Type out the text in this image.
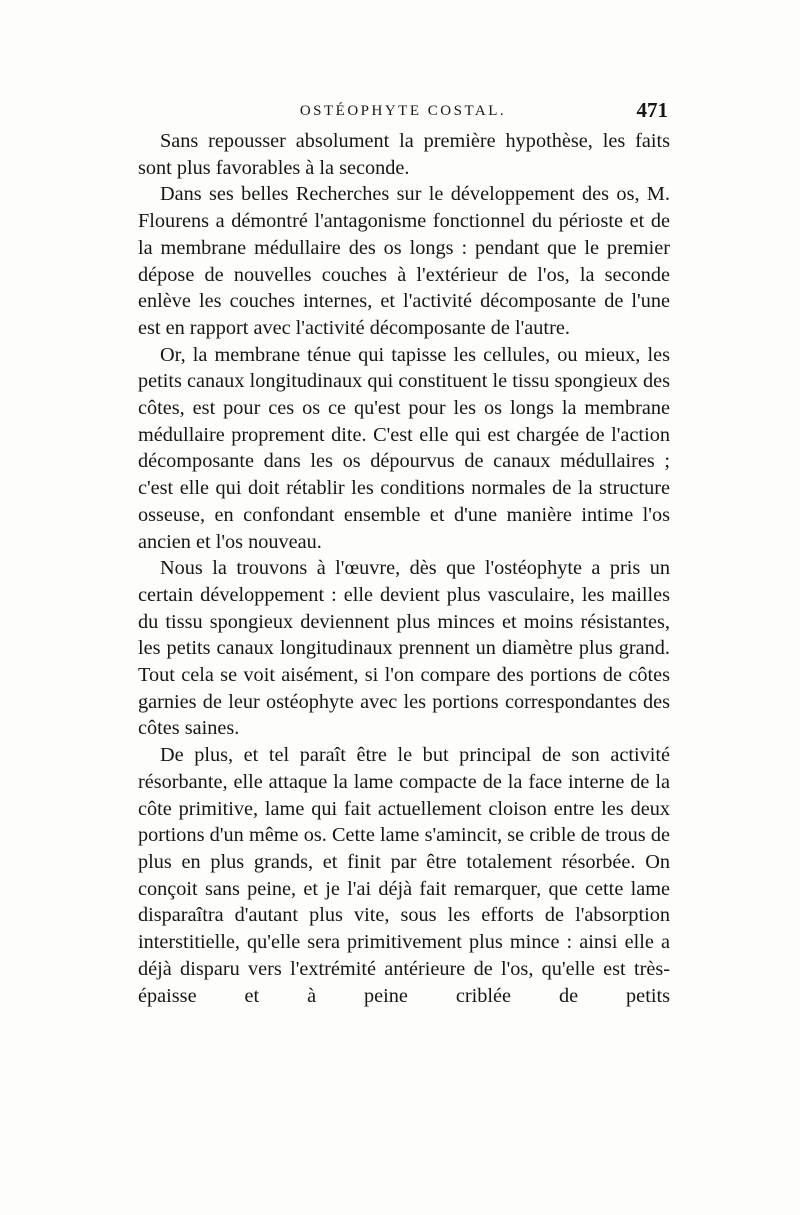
OSTÉOPHYTE COSTAL.	471

Sans repousser absolument la première hypothèse, les faits sont plus favorables à la seconde.

Dans ses belles Recherches sur le développement des os, M. Flourens a démontré l'antagonisme fonctionnel du périoste et de la membrane médullaire des os longs : pendant que le premier dépose de nouvelles couches à l'extérieur de l'os, la seconde enlève les couches internes, et l'activité décomposante de l'une est en rapport avec l'activité décomposante de l'autre.

Or, la membrane ténue qui tapisse les cellules, ou mieux, les petits canaux longitudinaux qui constituent le tissu spongieux des côtes, est pour ces os ce qu'est pour les os longs la membrane médullaire proprement dite. C'est elle qui est chargée de l'action décomposante dans les os dépourvus de canaux médullaires ; c'est elle qui doit rétablir les conditions normales de la structure osseuse, en confondant ensemble et d'une manière intime l'os ancien et l'os nouveau.

Nous la trouvons à l'œuvre, dès que l'ostéophyte a pris un certain développement : elle devient plus vasculaire, les mailles du tissu spongieux deviennent plus minces et moins résistantes, les petits canaux longitudinaux prennent un diamètre plus grand. Tout cela se voit aisément, si l'on compare des portions de côtes garnies de leur ostéophyte avec les portions correspondantes des côtes saines.

De plus, et tel paraît être le but principal de son activité résorbante, elle attaque la lame compacte de la face interne de la côte primitive, lame qui fait actuellement cloison entre les deux portions d'un même os. Cette lame s'amincit, se crible de trous de plus en plus grands, et finit par être totalement résorbée. On conçoit sans peine, et je l'ai déjà fait remarquer, que cette lame disparaîtra d'autant plus vite, sous les efforts de l'absorption interstitielle, qu'elle sera primitivement plus mince : ainsi elle a déjà disparu vers l'extrémité antérieure de l'os, qu'elle est très-épaisse et à peine criblée de petits
